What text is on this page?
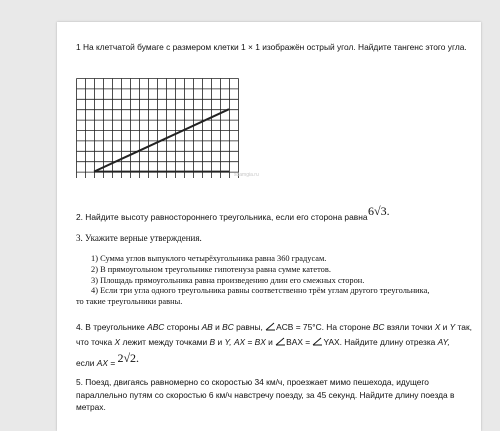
1 На клетчатой бумаге с размером клетки 1 × 1 изображён острый угол. Найдите тангенс этого угла.
sdamgia.ru
2. Найдите высоту равностороннего треугольника, если его сторона равна 6√3.
3. Укажите верные утверждения.
1) Сумма углов выпуклого четырёхугольника равна 360 градусам.
2) В прямоугольном треугольнике гипотенуза равна сумме катетов.
3) Площадь прямоугольника равна произведению длин его смежных сторон.
4) Если три угла одного треугольника равны соответственно трём углам другого треугольника,
то такие треугольники равны.
4. В треугольнике ABC стороны AB и BC равны, ACB = 75°C. На стороне BC взяли точки X и Y так,
что точка X лежит между точками B и Y, AX = BX и BAX = YAX. Найдите длину отрезка AY,
если AX = 2√2.
5. Поезд, двигаясь равномерно со скоростью 34 км/ч, проезжает мимо пешехода, идущего параллельно путям со скоростью 6 км/ч навстречу поезду, за 45 секунд. Найдите длину поезда в метрах.
